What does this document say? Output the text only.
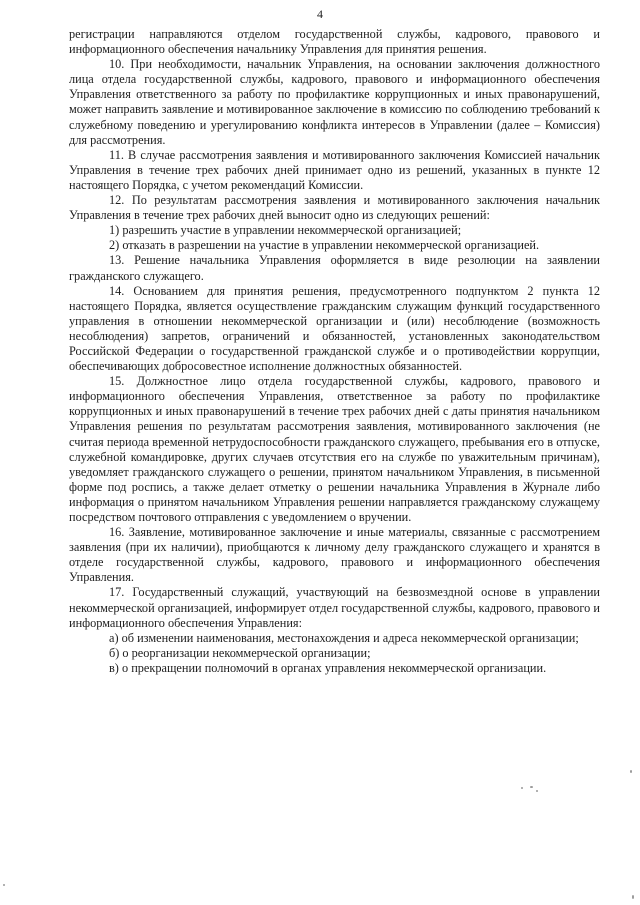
4

регистрации направляются отделом государственной службы, кадрового, правового и информационного обеспечения начальнику Управления для принятия решения.

10. При необходимости, начальник Управления, на основании заключения должностного лица отдела государственной службы, кадрового, правового и информационного обеспечения Управления ответственного за работу по профилактике коррупционных и иных правонарушений, может направить заявление и мотивированное заключение в комиссию по соблюдению требований к служебному поведению и урегулированию конфликта интересов в Управлении (далее – Комиссия) для рассмотрения.

11. В случае рассмотрения заявления и мотивированного заключения Комиссией начальник Управления в течение трех рабочих дней принимает одно из решений, указанных в пункте 12 настоящего Порядка, с учетом рекомендаций Комиссии.

12. По результатам рассмотрения заявления и мотивированного заключения начальник Управления в течение трех рабочих дней выносит одно из следующих решений:

1) разрешить участие в управлении некоммерческой организацией;

2) отказать в разрешении на участие в управлении некоммерческой организацией.

13. Решение начальника Управления оформляется в виде резолюции на заявлении гражданского служащего.

14. Основанием для принятия решения, предусмотренного подпунктом 2 пункта 12 настоящего Порядка, является осуществление гражданским служащим функций государственного управления в отношении некоммерческой организации и (или) несоблюдение (возможность несоблюдения) запретов, ограничений и обязанностей, установленных законодательством Российской Федерации о государственной гражданской службе и о противодействии коррупции, обеспечивающих добросовестное исполнение должностных обязанностей.

15. Должностное лицо отдела государственной службы, кадрового, правового и информационного обеспечения Управления, ответственное за работу по профилактике коррупционных и иных правонарушений в течение трех рабочих дней с даты принятия начальником Управления решения по результатам рассмотрения заявления, мотивированного заключения (не считая периода временной нетрудоспособности гражданского служащего, пребывания его в отпуске, служебной командировке, других случаев отсутствия его на службе по уважительным причинам), уведомляет гражданского служащего о решении, принятом начальником Управления, в письменной форме под роспись, а также делает отметку о решении начальника Управления в Журнале либо информация о принятом начальником Управления решении направляется гражданскому служащему посредством почтового отправления с уведомлением о вручении.

16. Заявление, мотивированное заключение и иные материалы, связанные с рассмотрением заявления (при их наличии), приобщаются к личному делу гражданского служащего и хранятся в отделе государственной службы, кадрового, правового и информационного обеспечения Управления.

17. Государственный служащий, участвующий на безвозмездной основе в управлении некоммерческой организацией, информирует отдел государственной службы, кадрового, правового и информационного обеспечения Управления:

а) об изменении наименования, местонахождения и адреса некоммерческой организации;

б) о реорганизации некоммерческой организации;

в) о прекращении полномочий в органах управления некоммерческой организации.
